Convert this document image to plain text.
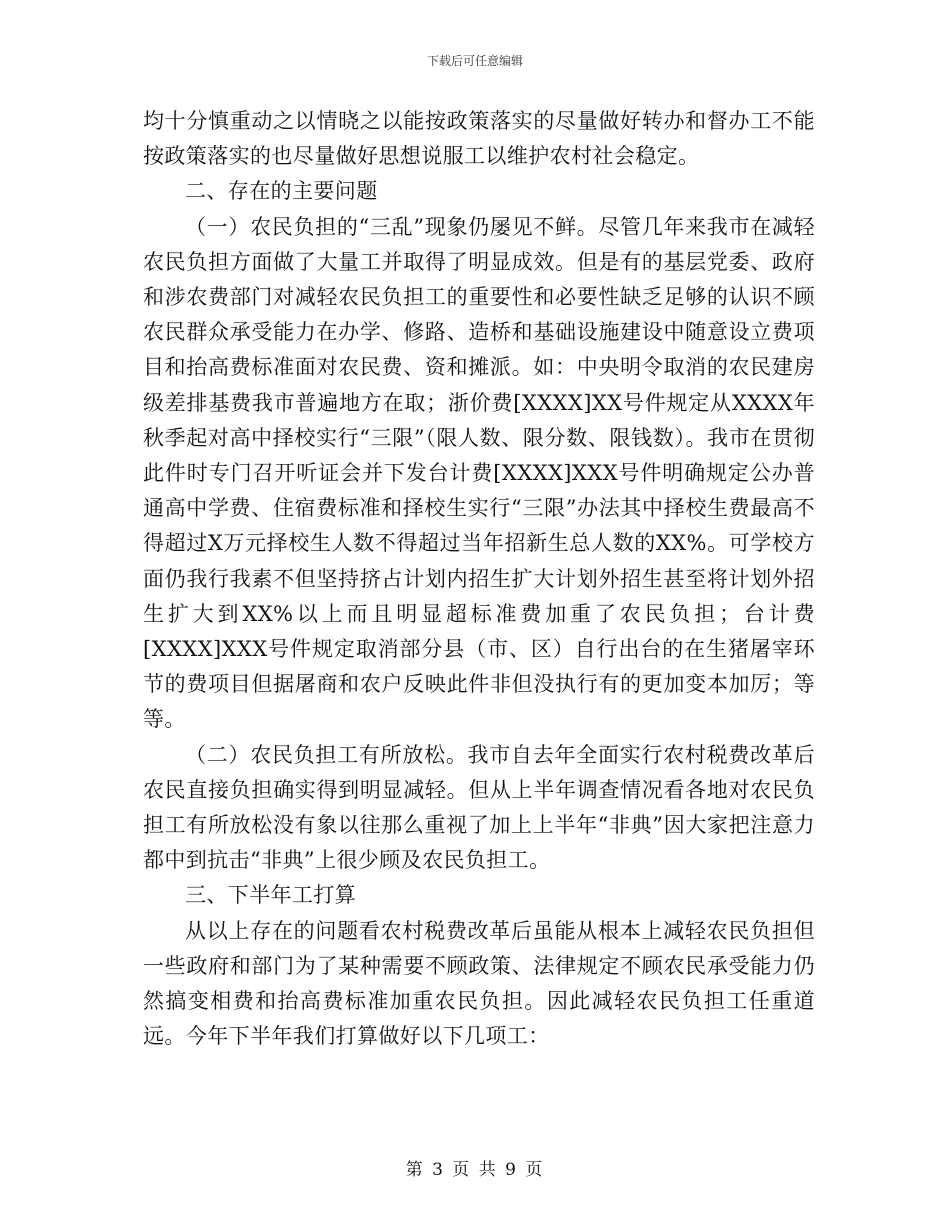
下载后可任意编辑

均十分慎重动之以情晓之以能按政策落实的尽量做好转办和督办工不能按政策落实的也尽量做好思想说服工以维护农村社会稳定。

二、存在的主要问题

（一）农民负担的“三乱”现象仍屡见不鲜。尽管几年来我市在减轻农民负担方面做了大量工并取得了明显成效。但是有的基层党委、政府和涉农费部门对减轻农民负担工的重要性和必要性缺乏足够的认识不顾农民群众承受能力在办学、修路、造桥和基础设施建设中随意设立费项目和抬高费标准面对农民费、资和摊派。如：中央明令取消的农民建房级差排基费我市普遍地方在取；浙价费[XXXX]XX号件规定从XXXX年秋季起对高中择校实行“三限”（限人数、限分数、限钱数）。我市在贯彻此件时专门召开听证会并下发台计费[XXXX]XXX号件明确规定公办普通高中学费、住宿费标准和择校生实行“三限”办法其中择校生费最高不得超过X万元择校生人数不得超过当年招新生总人数的XX%。可学校方面仍我行我素不但坚持挤占计划内招生扩大计划外招生甚至将计划外招生扩大到XX%以上而且明显超标准费加重了农民负担；台计费[XXXX]XXX号件规定取消部分县（市、区）自行出台的在生猪屠宰环节的费项目但据屠商和农户反映此件非但没执行有的更加变本加厉；等等。

（二）农民负担工有所放松。我市自去年全面实行农村税费改革后农民直接负担确实得到明显减轻。但从上半年调查情况看各地对农民负担工有所放松没有象以往那么重视了加上上半年“非典”因大家把注意力都中到抗击“非典”上很少顾及农民负担工。

三、下半年工打算

从以上存在的问题看农村税费改革后虽能从根本上减轻农民负担但一些政府和部门为了某种需要不顾政策、法律规定不顾农民承受能力仍然搞变相费和抬高费标准加重农民负担。因此减轻农民负担工任重道远。今年下半年我们打算做好以下几项工：

第 3 页 共 9 页
